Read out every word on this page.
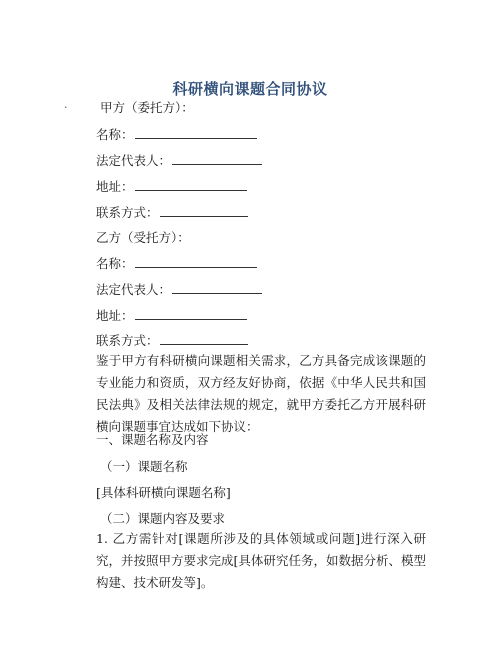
科研横向课题合同协议
·	甲方（委托方）：
名称：
法定代表人：
地址：
联系方式：
乙方（受托方）：
名称：
法定代表人：
地址：
联系方式：
鉴于甲方有科研横向课题相关需求，乙方具备完成该课题的专业能力和资质，双方经友好协商，依据《中华人民共和国民法典》及相关法律法规的规定，就甲方委托乙方开展科研横向课题事宜达成如下协议：
一、课题名称及内容
（一）课题名称
[具体科研横向课题名称]
（二）课题内容及要求
1. 乙方需针对[课题所涉及的具体领域或问题]进行深入研究，并按照甲方要求完成[具体研究任务，如数据分析、模型构建、技术研发等]。
